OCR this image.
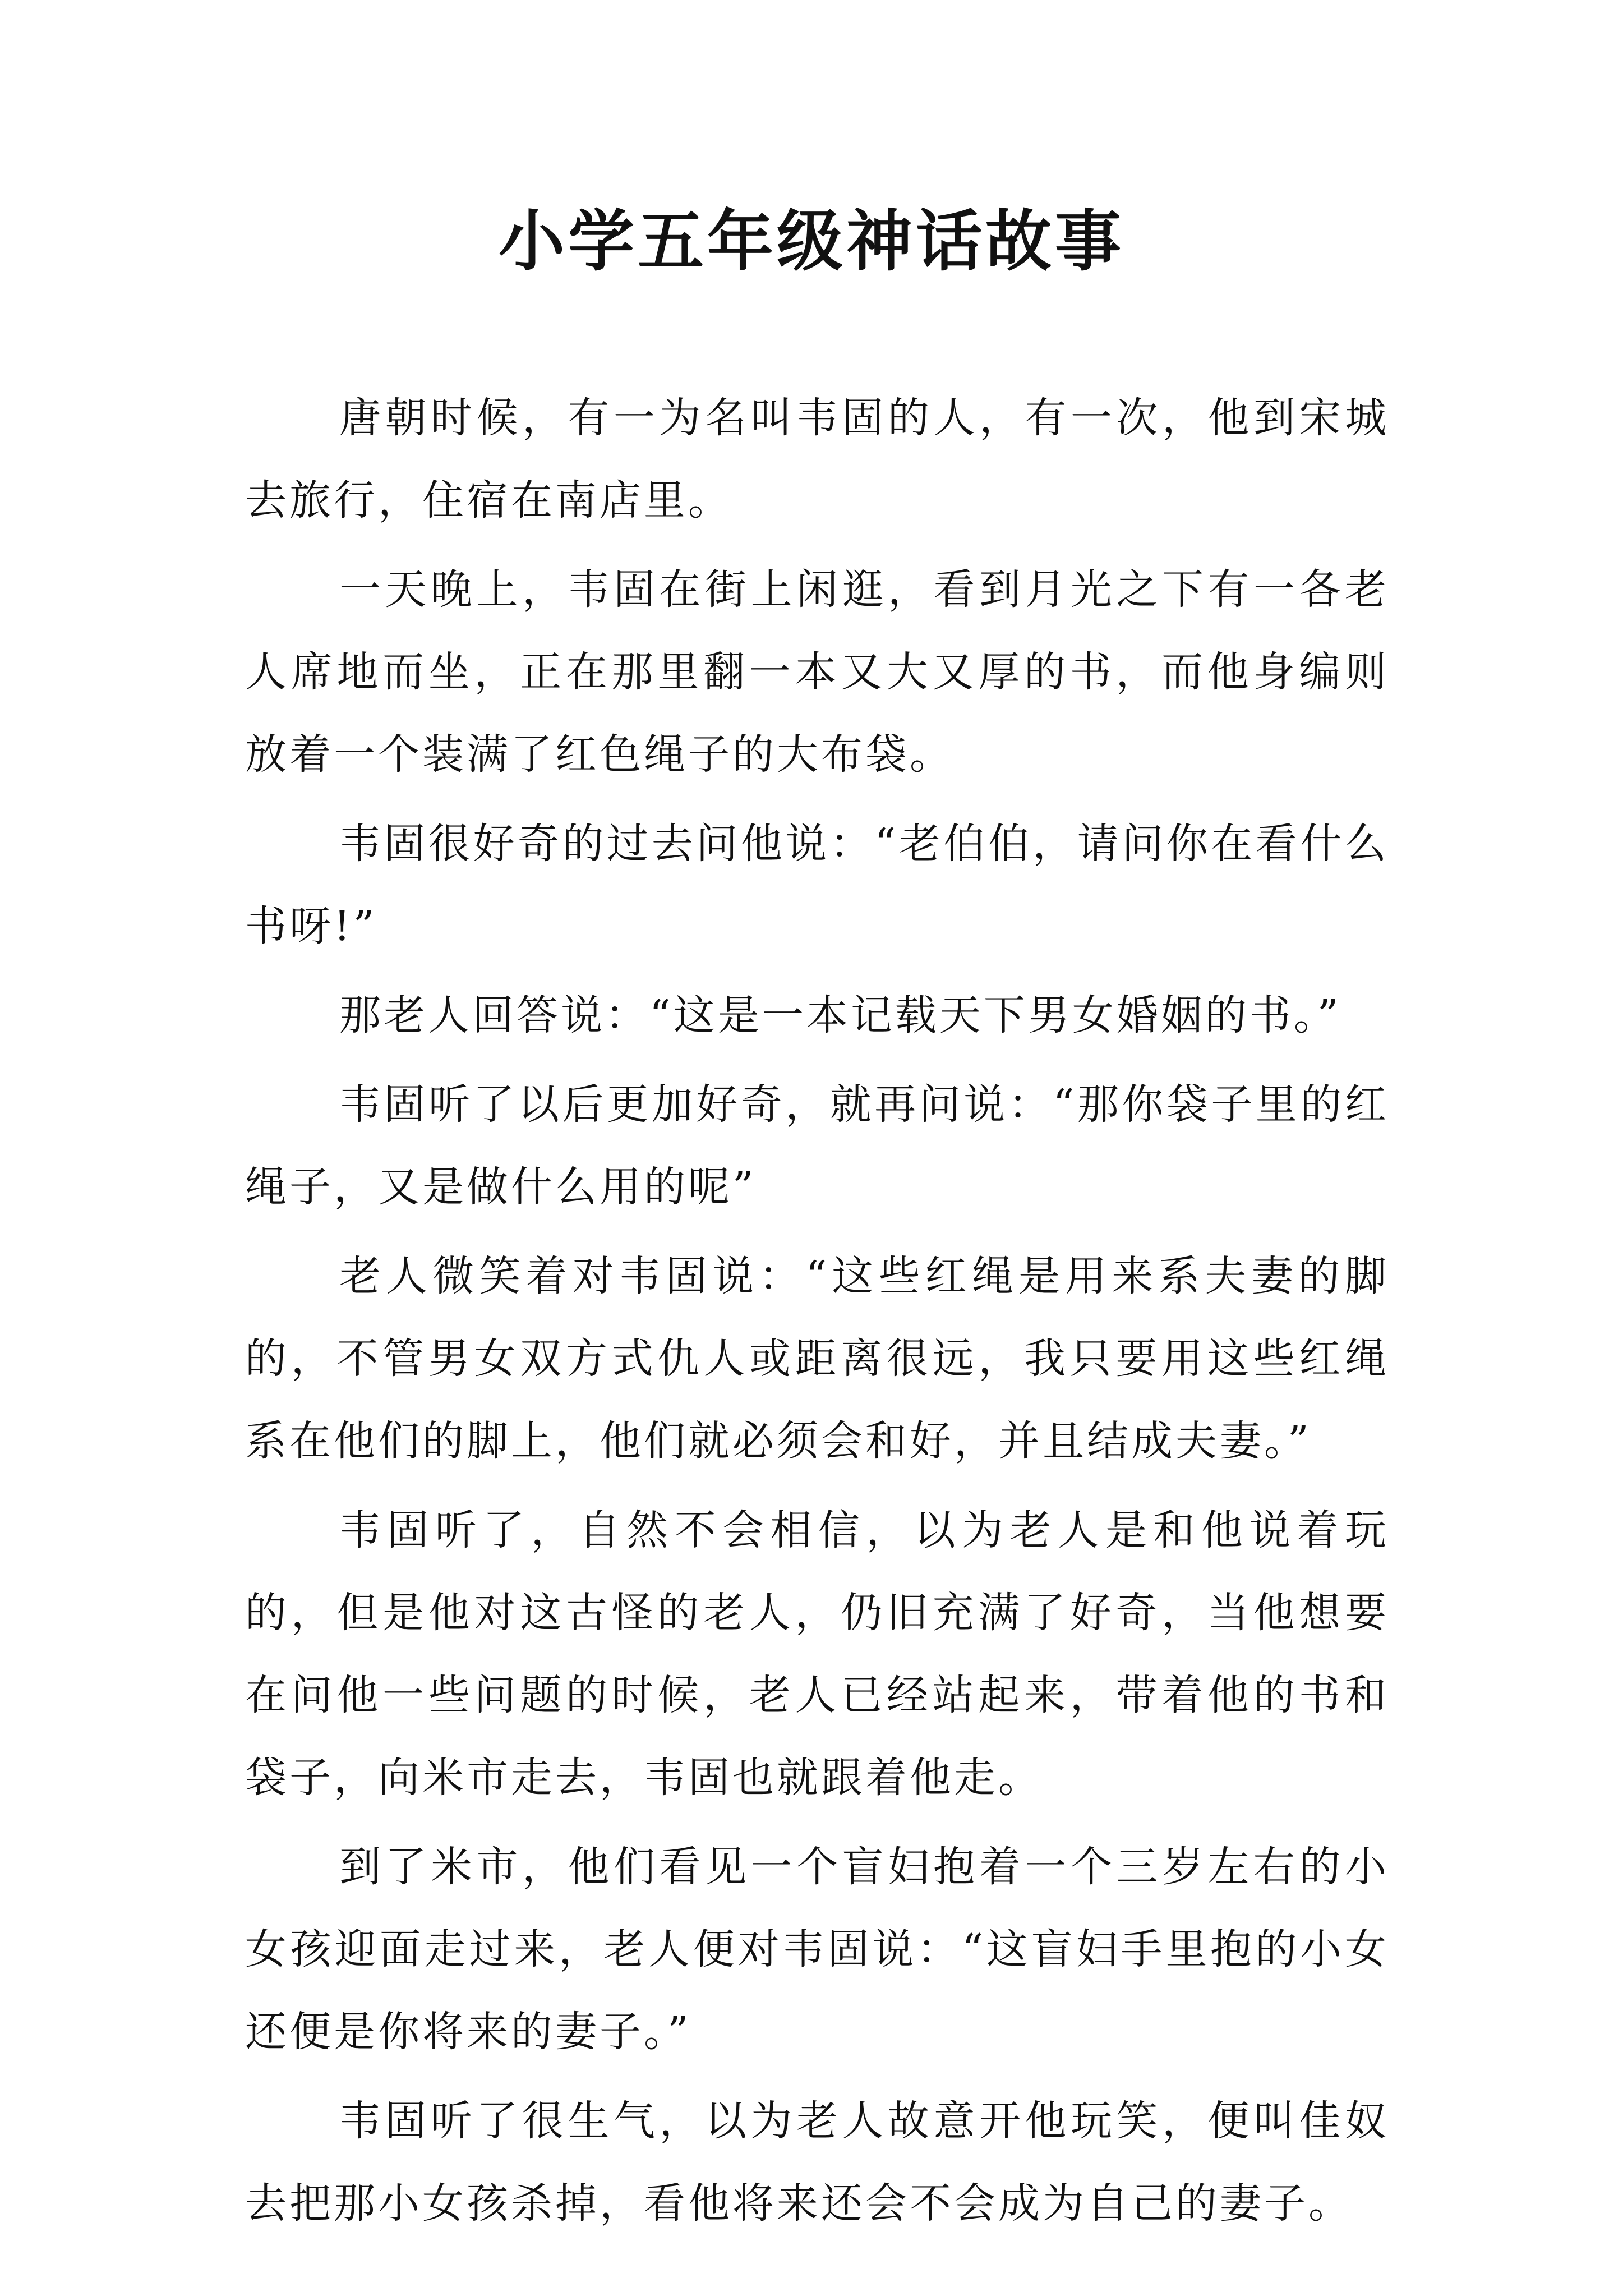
小学五年级神话故事

唐朝时候，有一为名叫韦固的人，有一次，他到宋城去旅行，住宿在南店里。

一天晚上，韦固在街上闲逛，看到月光之下有一各老人席地而坐，正在那里翻一本又大又厚的书，而他身编则放着一个装满了红色绳子的大布袋。

韦固很好奇的过去问他说：“老伯伯，请问你在看什么书呀!”

那老人回答说：“这是一本记载天下男女婚姻的书。”

韦固听了以后更加好奇，就再问说：“那你袋子里的红绳子，又是做什么用的呢”

老人微笑着对韦固说：“这些红绳是用来系夫妻的脚的，不管男女双方式仇人或距离很远，我只要用这些红绳系在他们的脚上，他们就必须会和好，并且结成夫妻。”

韦固听了，自然不会相信，以为老人是和他说着玩的，但是他对这古怪的老人，仍旧充满了好奇，当他想要在问他一些问题的时候，老人已经站起来，带着他的书和袋子，向米市走去，韦固也就跟着他走。

到了米市，他们看见一个盲妇抱着一个三岁左右的小女孩迎面走过来，老人便对韦固说：“这盲妇手里抱的小女还便是你将来的妻子。”

韦固听了很生气，以为老人故意开他玩笑，便叫佳奴去把那小女孩杀掉，看他将来还会不会成为自己的妻子。
